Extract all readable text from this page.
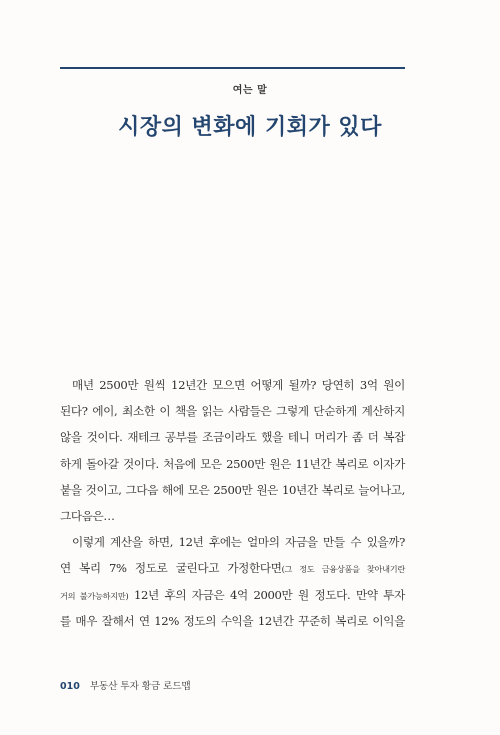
여는 말
시장의 변화에 기회가 있다
매년 2500만 원씩 12년간 모으면 어떻게 될까? 당연히 3억 원이
된다? 에이, 최소한 이 책을 읽는 사람들은 그렇게 단순하게 계산하지
않을 것이다. 재테크 공부를 조금이라도 했을 테니 머리가 좀 더 복잡
하게 돌아갈 것이다. 처음에 모은 2500만 원은 11년간 복리로 이자가
붙을 것이고, 그다음 해에 모은 2500만 원은 10년간 복리로 늘어나고,
그다음은…
이렇게 계산을 하면, 12년 후에는 얼마의 자금을 만들 수 있을까?
연 복리 7% 정도로 굴린다고 가정한다면(그 정도 금융상품을 찾아내기란
거의 불가능하지만) 12년 후의 자금은 4억 2000만 원 정도다. 만약 투자
를 매우 잘해서 연 12% 정도의 수익을 12년간 꾸준히 복리로 이익을
010 부동산 투자 황금 로드맵
